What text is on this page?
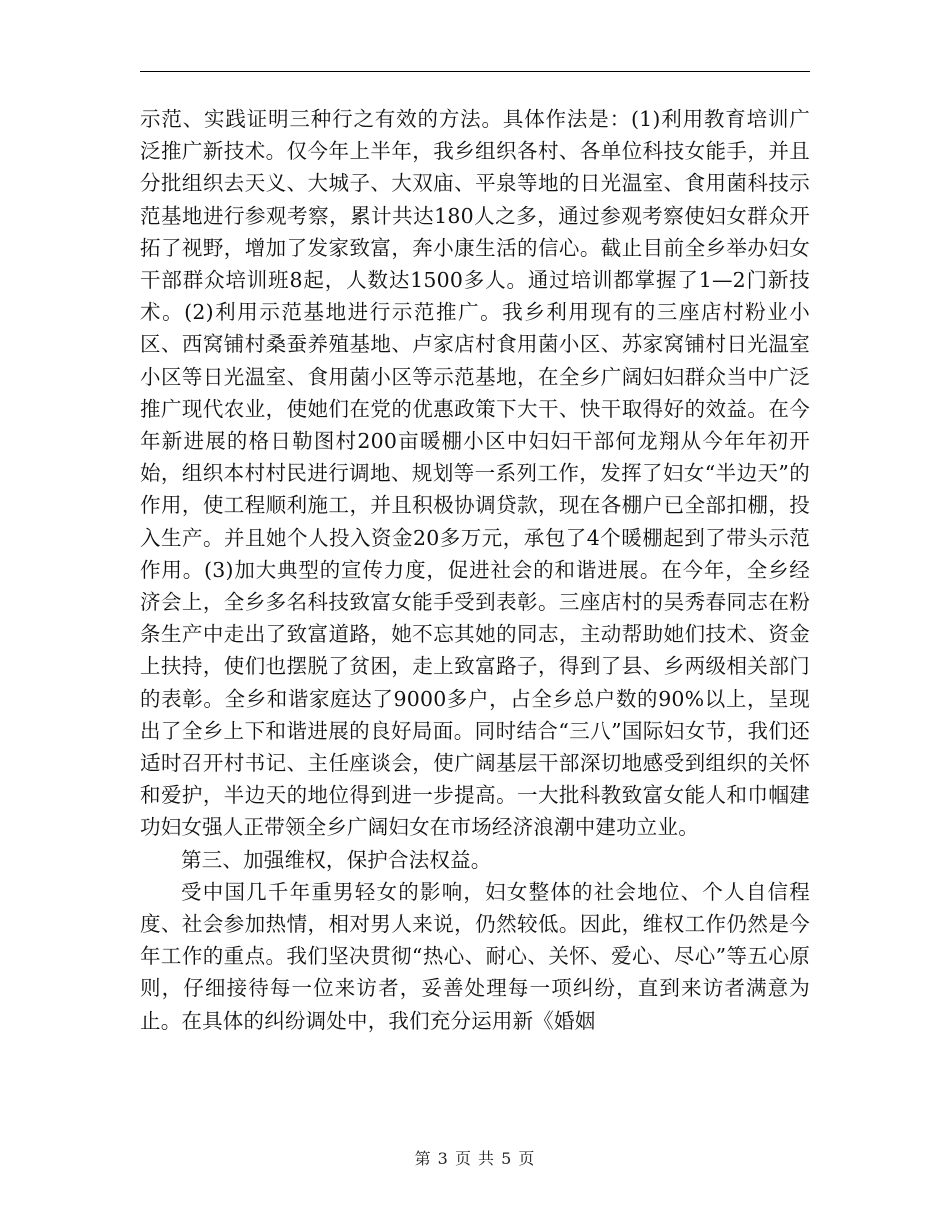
示范、实践证明三种行之有效的方法。具体作法是：(1)利用教育培训广泛推广新技术。仅今年上半年，我乡组织各村、各单位科技女能手，并且分批组织去天义、大城子、大双庙、平泉等地的日光温室、食用菌科技示范基地进行参观考察，累计共达180人之多，通过参观考察使妇女群众开拓了视野，增加了发家致富，奔小康生活的信心。截止目前全乡举办妇女干部群众培训班8起，人数达1500多人。通过培训都掌握了1—2门新技术。(2)利用示范基地进行示范推广。我乡利用现有的三座店村粉业小区、西窝铺村桑蚕养殖基地、卢家店村食用菌小区、苏家窝铺村日光温室小区等日光温室、食用菌小区等示范基地，在全乡广阔妇妇群众当中广泛推广现代农业，使她们在党的优惠政策下大干、快干取得好的效益。在今年新进展的格日勒图村200亩暖棚小区中妇妇干部何龙翔从今年年初开始，组织本村村民进行调地、规划等一系列工作，发挥了妇女“半边天”的作用，使工程顺利施工，并且积极协调贷款，现在各棚户已全部扣棚，投入生产。并且她个人投入资金20多万元，承包了4个暖棚起到了带头示范作用。(3)加大典型的宣传力度，促进社会的和谐进展。在今年，全乡经济会上，全乡多名科技致富女能手受到表彰。三座店村的吴秀春同志在粉条生产中走出了致富道路，她不忘其她的同志，主动帮助她们技术、资金上扶持，使们也摆脱了贫困，走上致富路子，得到了县、乡两级相关部门的表彰。全乡和谐家庭达了9000多户，占全乡总户数的90%以上，呈现出了全乡上下和谐进展的良好局面。同时结合“三八”国际妇女节，我们还适时召开村书记、主任座谈会，使广阔基层干部深切地感受到组织的关怀和爱护，半边天的地位得到进一步提高。一大批科教致富女能人和巾帼建功妇女强人正带领全乡广阔妇女在市场经济浪潮中建功立业。

第三、加强维权，保护合法权益。

受中国几千年重男轻女的影响，妇女整体的社会地位、个人自信程度、社会参加热情，相对男人来说，仍然较低。因此，维权工作仍然是今年工作的重点。我们坚决贯彻“热心、耐心、关怀、爱心、尽心”等五心原则，仔细接待每一位来访者，妥善处理每一项纠纷，直到来访者满意为止。在具体的纠纷调处中，我们充分运用新《婚姻

第 3 页 共 5 页
